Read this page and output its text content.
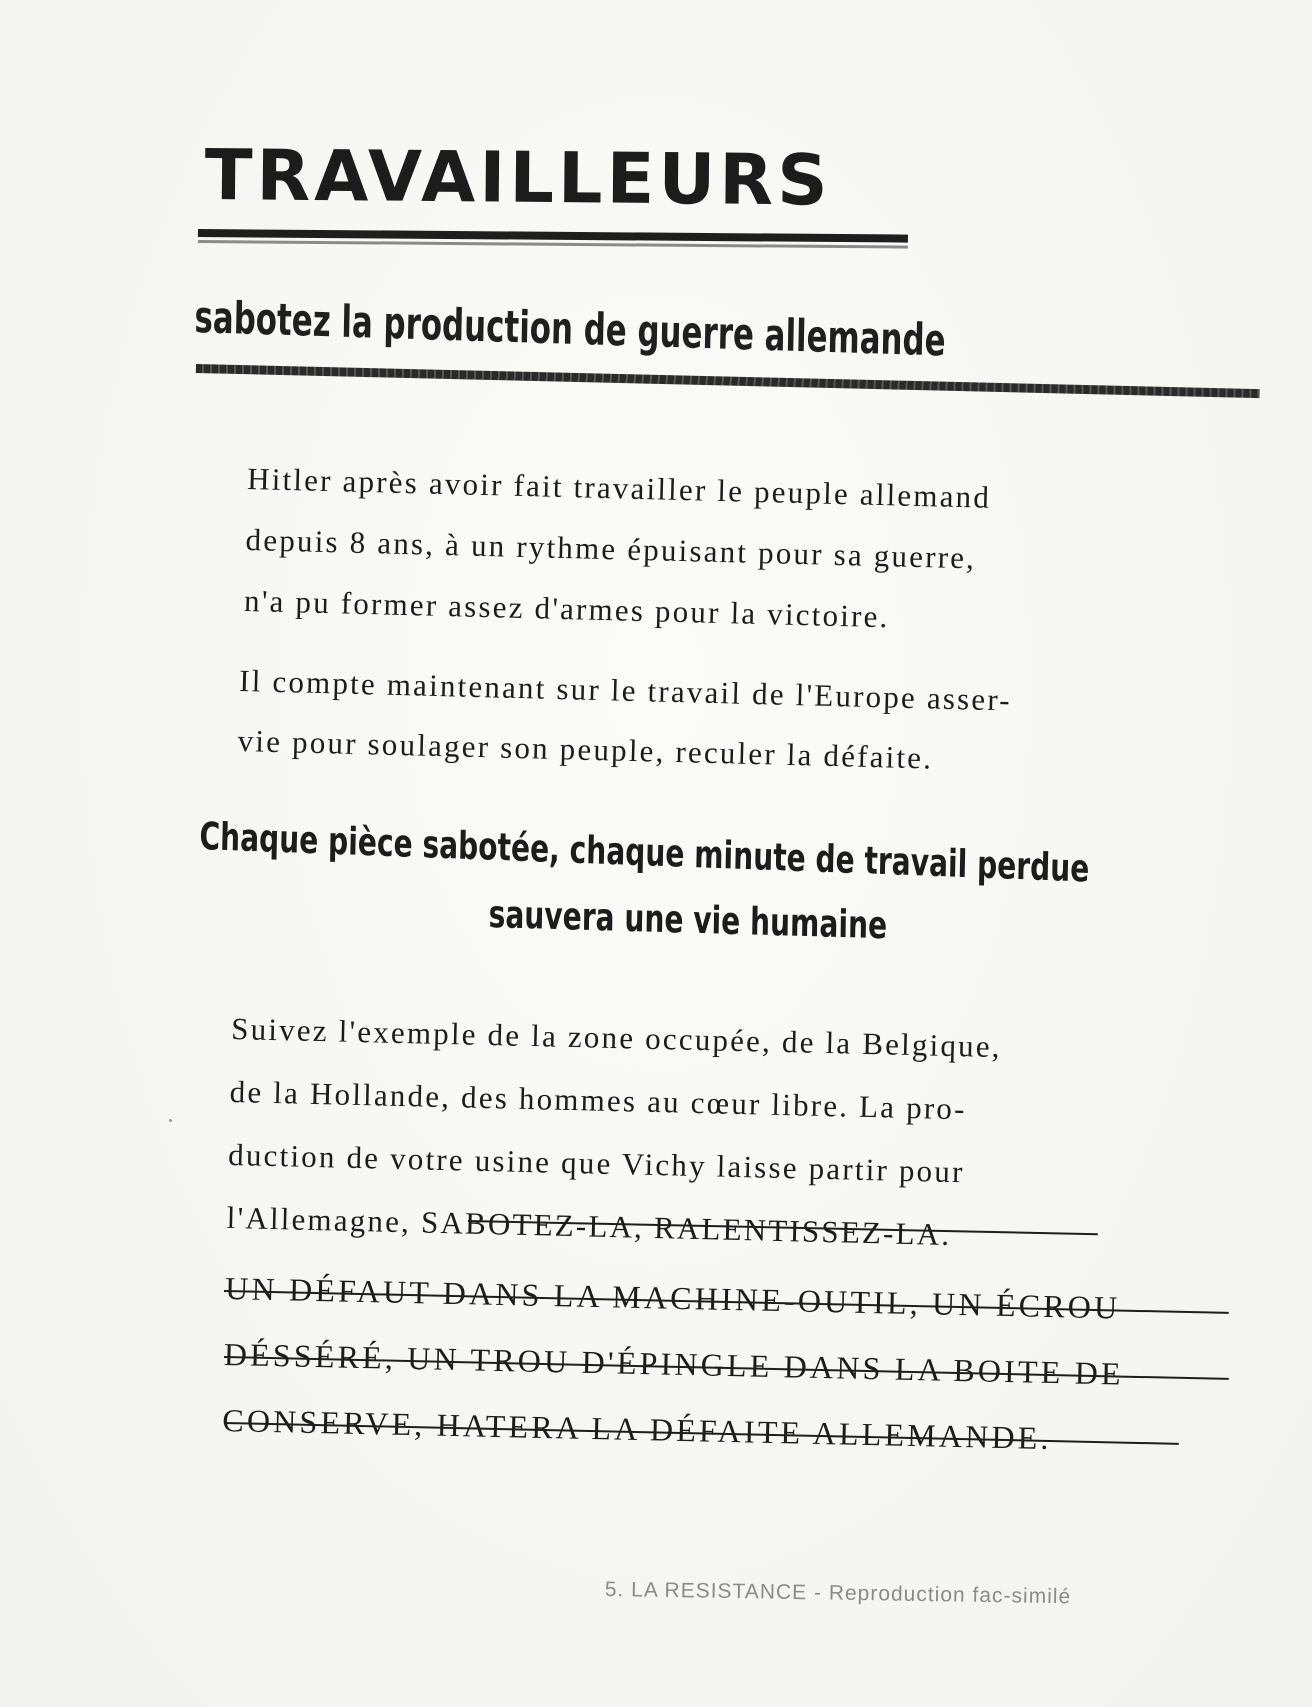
TRAVAILLEURS
sabotez la production de guerre allemande

Hitler après avoir fait travailler le peuple allemand
depuis 8 ans, à un rythme épuisant pour sa guerre,
n'a pu former assez d'armes pour la victoire.

Il compte maintenant sur le travail de l'Europe asser-
vie pour soulager son peuple, reculer la défaite.

Chaque pièce sabotée, chaque minute de travail perdue

sauvera une vie humaine

Suivez l'exemple de la zone occupée, de la Belgique,
de la Hollande, des hommes au cœur libre. La pro-
duction de votre usine que Vichy laisse partir pour
l'Allemagne, SABOTEZ-LA, RALENTISSEZ-LA.

UN DÉFAUT DANS LA MACHINE-OUTIL, UN ÉCROU
DÉSSÉRÉ, UN TROU D'ÉPINGLE DANS LA BOITE DE
CONSERVE, HATERA LA DÉFAITE ALLEMANDE.

5. LA RESISTANCE - Reproduction fac-similé
